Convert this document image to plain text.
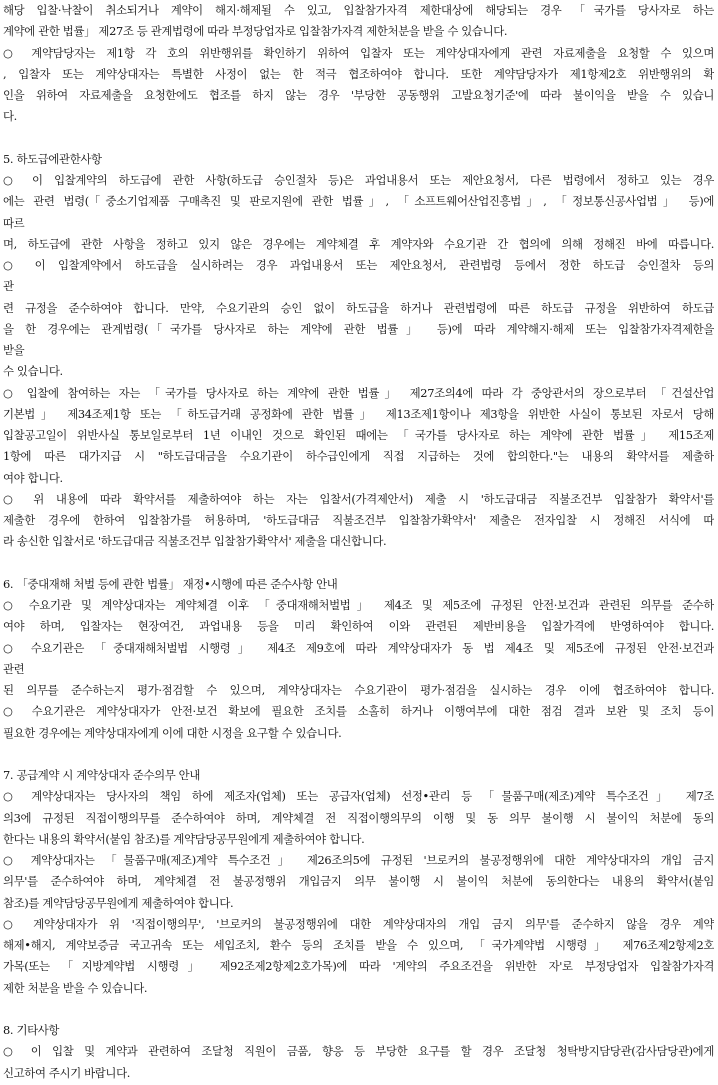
해당 입찰·낙찰이 취소되거나 계약이 해지·해제될 수 있고, 입찰참가자격 제한대상에 해당되는 경우 「국가를 당사자로 하는
계약에 관한 법률」 제27조 등 관계법령에 따라 부정당업자로 입찰참가자격 제한처분을 받을 수 있습니다.
○ 계약담당자는 제1항 각 호의 위반행위를 확인하기 위하여 입찰자 또는 계약상대자에게 관련 자료제출을 요청할 수 있으며
, 입찰자 또는 계약상대자는 특별한 사정이 없는 한 적극 협조하여야 합니다. 또한 계약담당자가 제1항제2호 위반행위의 확
인을 위하여 자료제출을 요청한에도 협조를 하지 않는 경우 '부당한 공동행위 고발요청기준'에 따라 불이익을 받을 수 있습니
다.
5. 하도급에관한사항
○ 이 입찰계약의 하도급에 관한 사항(하도급 승인절차 등)은 과업내용서 또는 제안요청서, 다른 법령에서 정하고 있는 경우
에는 관련 법령(「중소기업제품 구매촉진 및 판로지원에 관한 법률」, 「소프트웨어산업진흥법」, 「정보통신공사업법」 등)에
따르
며, 하도급에 관한 사항을 정하고 있지 않은 경우에는 계약체결 후 계약자와 수요기관 간 협의에 의해 정해진 바에 따릅니다.
○ 이 입찰계약에서 하도급을 실시하려는 경우 과업내용서 또는 제안요청서, 관련법령 등에서 정한 하도급 승인절차 등의
관
련 규정을 준수하여야 합니다. 만약, 수요기관의 승인 없이 하도급을 하거나 관련법령에 따른 하도급 규정을 위반하여 하도급
을 한 경우에는 관계법령(「국가를 당사자로 하는 계약에 관한 법률」 등)에 따라 계약해지·해제 또는 입찰참가자격제한을
받을
수 있습니다.
○ 입찰에 참여하는 자는 「국가를 당사자로 하는 계약에 관한 법률」 제27조의4에 따라 각 중앙관서의 장으로부터 「건설산업
기본법」 제34조제1항 또는 「하도급거래 공정화에 관한 법률」 제13조제1항이나 제3항을 위반한 사실이 통보된 자로서 당해
입찰공고일이 위반사실 통보일로부터 1년 이내인 것으로 확인된 때에는 「국가를 당사자로 하는 계약에 관한 법률」 제15조제
1항에 따른 대가지급 시 "하도급대금을 수요기관이 하수급인에게 직접 지급하는 것에 합의한다."는 내용의 확약서를 제출하
여야 합니다.
○ 위 내용에 따라 확약서를 제출하여야 하는 자는 입찰서(가격제안서) 제출 시 '하도급대금 직불조건부 입찰참가 확약서'를
제출한 경우에 한하여 입찰참가를 허용하며, '하도급대금 직불조건부 입찰참가확약서' 제출은 전자입찰 시 정해진 서식에 따
라 송신한 입찰서로 '하도급대금 직불조건부 입찰참가확약서' 제출을 대신합니다.
6. 「중대재해 처벌 등에 관한 법률」 재정•시행에 따른 준수사항 안내
○ 수요기관 및 계약상대자는 계약체결 이후 「중대재해처벌법」 제4조 및 제5조에 규정된 안전·보건과 관련된 의무를 준수하
여야 하며, 입찰자는 현장여건, 과업내용 등을 미리 확인하여 이와 관련된 제반비용을 입찰가격에 반영하여야 합니다.
○ 수요기관은 「중대재해처벌법 시행령」 제4조 제9호에 따라 계약상대자가 동 법 제4조 및 제5조에 규정된 안전·보건과
관련
된 의무를 준수하는지 평가·점검할 수 있으며, 계약상대자는 수요기관이 평가·점검을 실시하는 경우 이에 협조하여야 합니다.
○ 수요기관은 계약상대자가 안전·보건 확보에 필요한 조치를 소홀히 하거나 이행여부에 대한 점검 결과 보완 및 조치 등이
필요한 경우에는 계약상대자에게 이에 대한 시정을 요구할 수 있습니다.
7. 공급계약 시 계약상대자 준수의무 안내
○ 계약상대자는 당사자의 책임 하에 제조자(업체) 또는 공급자(업체) 선정•관리 등 「물품구매(제조)계약 특수조건」 제7조
의3에 규정된 직접이행의무를 준수하여야 하며, 계약체결 전 직접이행의무의 이행 및 동 의무 불이행 시 불이익 처분에 동의
한다는 내용의 확약서(붙임 참조)를 계약담당공무원에게 제출하여야 합니다.
○ 계약상대자는 「물품구매(제조)계약 특수조건」 제26조의5에 규정된 '브로커의 불공정행위에 대한 계약상대자의 개입 금지
의무'를 준수하여야 하며, 계약체결 전 불공정행위 개입금지 의무 불이행 시 불이익 처분에 동의한다는 내용의 확약서(붙임
참조)를 계약담당공무원에게 제출하여야 합니다.
○ 계약상대자가 위 '직접이행의무', '브로커의 불공정행위에 대한 계약상대자의 개입 금지 의무'를 준수하지 않을 경우 계약
해제•해지, 계약보증금 국고귀속 또는 세입조치, 환수 등의 조치를 받을 수 있으며, 「국가계약법 시행령」 제76조제2항제2호
가목(또는 「지방계약법 시행령」 제92조제2항제2호가목)에 따라 '계약의 주요조건을 위반한 자'로 부정당업자 입찰참가자격
제한 처분을 받을 수 있습니다.
8. 기타사항
○ 이 입찰 및 계약과 관련하여 조달청 직원이 금품, 향응 등 부당한 요구를 할 경우 조달청 청탁방지담당관(감사담당관)에게
신고하여 주시기 바랍니다.
